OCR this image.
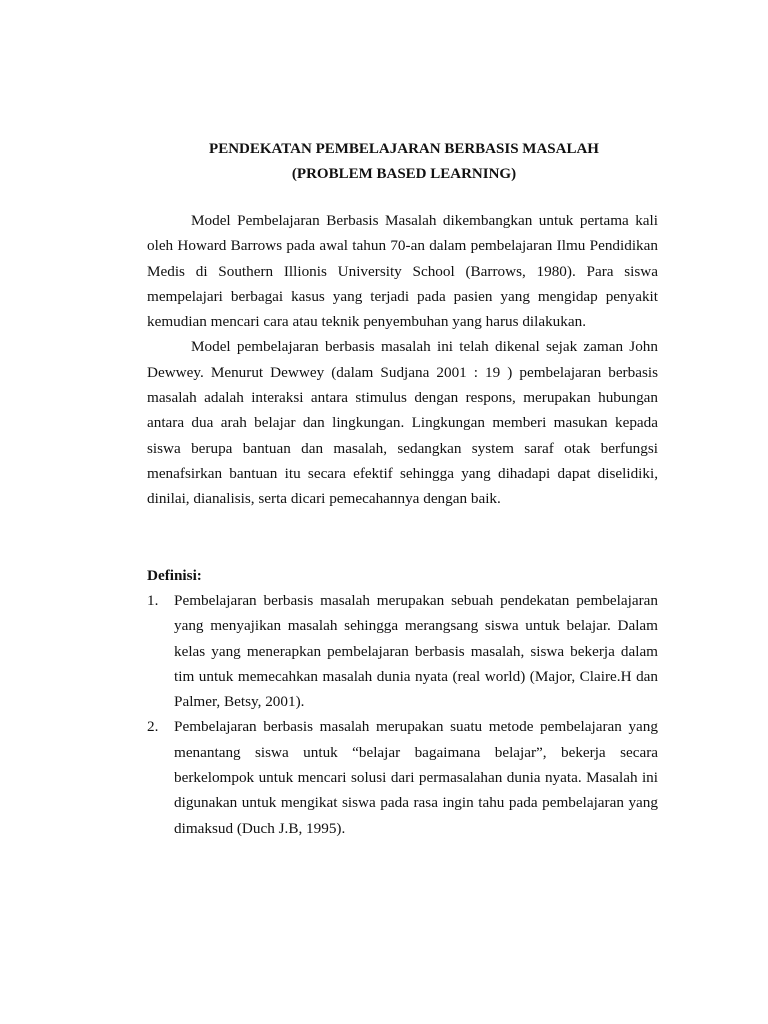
PENDEKATAN PEMBELAJARAN BERBASIS MASALAH
(PROBLEM BASED LEARNING)

Model Pembelajaran Berbasis Masalah dikembangkan untuk pertama kali oleh Howard Barrows pada awal tahun 70-an dalam pembelajaran Ilmu Pendidikan Medis di Southern Illionis University School (Barrows, 1980). Para siswa mempelajari berbagai kasus yang terjadi pada pasien yang mengidap penyakit kemudian mencari cara atau teknik penyembuhan yang harus dilakukan.

Model pembelajaran berbasis masalah ini telah dikenal sejak zaman John Dewwey. Menurut Dewwey (dalam Sudjana 2001 : 19 ) pembelajaran berbasis masalah adalah interaksi antara stimulus dengan respons, merupakan hubungan antara dua arah belajar dan lingkungan. Lingkungan memberi masukan kepada siswa berupa bantuan dan masalah, sedangkan system saraf otak berfungsi menafsirkan bantuan itu secara efektif sehingga yang dihadapi dapat diselidiki, dinilai, dianalisis, serta dicari pemecahannya dengan baik.

Definisi:
1. Pembelajaran berbasis masalah merupakan sebuah pendekatan pembelajaran yang menyajikan masalah sehingga merangsang siswa untuk belajar. Dalam kelas yang menerapkan pembelajaran berbasis masalah, siswa bekerja dalam tim untuk memecahkan masalah dunia nyata (real world) (Major, Claire.H dan Palmer, Betsy, 2001).
2. Pembelajaran berbasis masalah merupakan suatu metode pembelajaran yang menantang siswa untuk “belajar bagaimana belajar”, bekerja secara berkelompok untuk mencari solusi dari permasalahan dunia nyata. Masalah ini digunakan untuk mengikat siswa pada rasa ingin tahu pada pembelajaran yang dimaksud (Duch J.B, 1995).
